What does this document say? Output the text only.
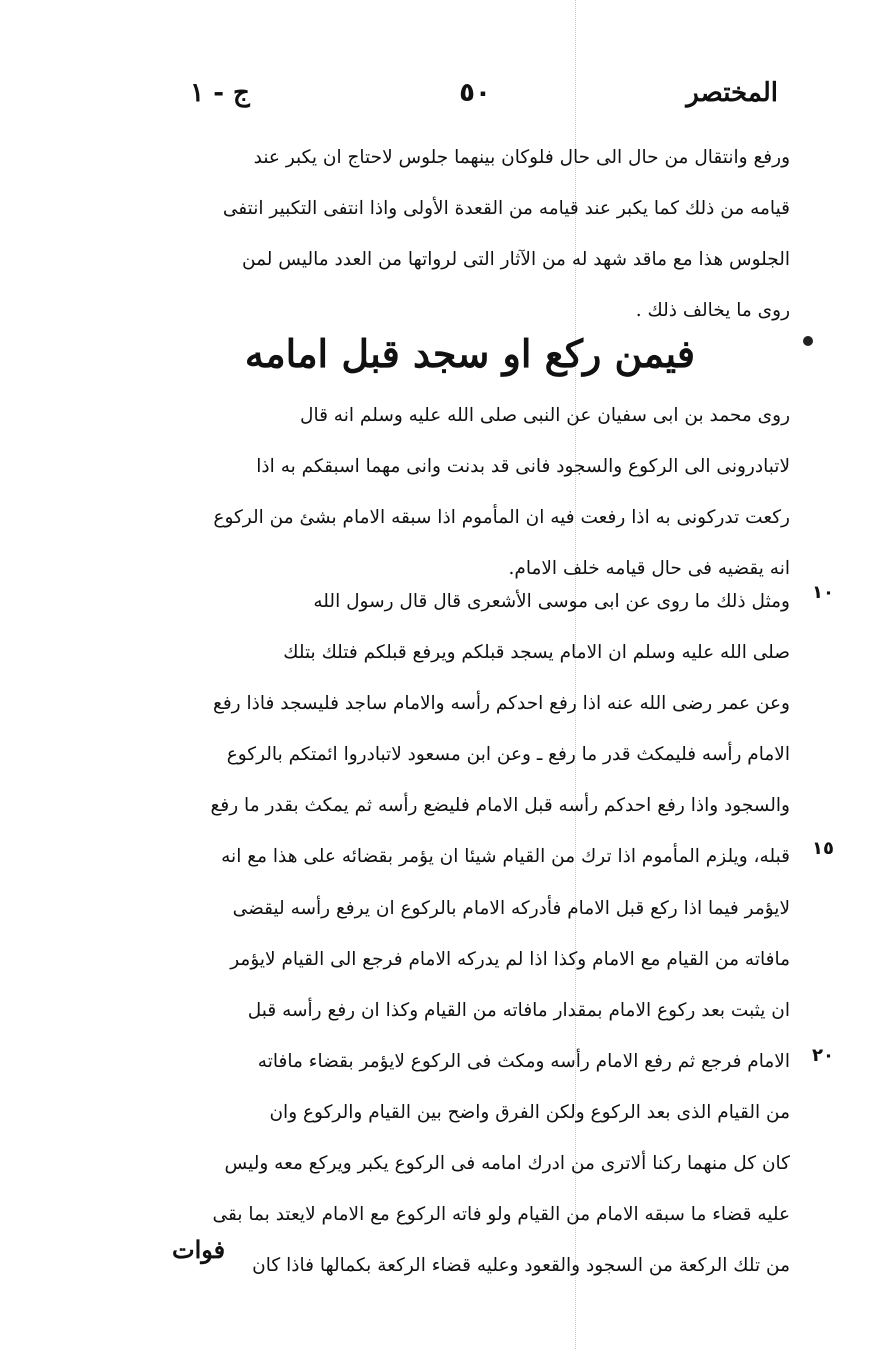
المختصر
٥٠
ج - ١
ورفع وانتقال من حال الى حال فلوكان بينهما جلوس لاحتاج ان يكبر عند
قيامه من ذلك كما يكبر عند قيامه من القعدة الأولى واذا انتفى التكبير انتفى
الجلوس هذا مع ماقد شهد له من الآثار التى لرواتها من العدد ماليس لمن
روى ما يخالف ذلك .
فيمن ركع او سجد قبل امامه
روى محمد بن ابى سفيان عن النبى صلى الله عليه وسلم انه قال
لاتبادرونى الى الركوع والسجود فانى قد بدنت وانى مهما اسبقكم به اذا
ركعت تدركونى به اذا رفعت فيه ان المأموم اذا سبقه الامام بشئ من الركوع
انه يقضيه فى حال قيامه خلف الامام.
ومثل ذلك ما روى عن ابى موسى الأشعرى قال قال رسول الله
صلى الله عليه وسلم ان الامام يسجد قبلكم ويرفع قبلكم فتلك بتلك
وعن عمر رضى الله عنه اذا رفع احدكم رأسه والامام ساجد فليسجد فاذا رفع
الامام رأسه فليمكث قدر ما رفع ـ وعن ابن مسعود لاتبادروا ائمتكم بالركوع
والسجود واذا رفع احدكم رأسه قبل الامام فليضع رأسه ثم يمكث بقدر ما رفع
قبله، ويلزم المأموم اذا ترك من القيام شيئا ان يؤمر بقضائه على هذا مع انه
لايؤمر فيما اذا ركع قبل الامام فأدركه الامام بالركوع ان يرفع رأسه ليقضى
مافاته من القيام مع الامام وكذا اذا لم يدركه الامام فرجع الى القيام لايؤمر
ان يثبت بعد ركوع الامام بمقدار مافاته من القيام وكذا ان رفع رأسه قبل
الامام فرجع ثم رفع الامام رأسه ومكث فى الركوع لايؤمر بقضاء مافاته
من القيام الذى بعد الركوع ولكن الفرق واضح بين القيام والركوع وان
كان كل منهما ركنا ألاترى من ادرك امامه فى الركوع يكبر ويركع معه وليس
عليه قضاء ما سبقه الامام من القيام ولو فاته الركوع مع الامام لايعتد بما بقى
من تلك الركعة من السجود والقعود وعليه قضاء الركعة بكمالها فاذا كان
١٠
١٥
٢٠
فوات
